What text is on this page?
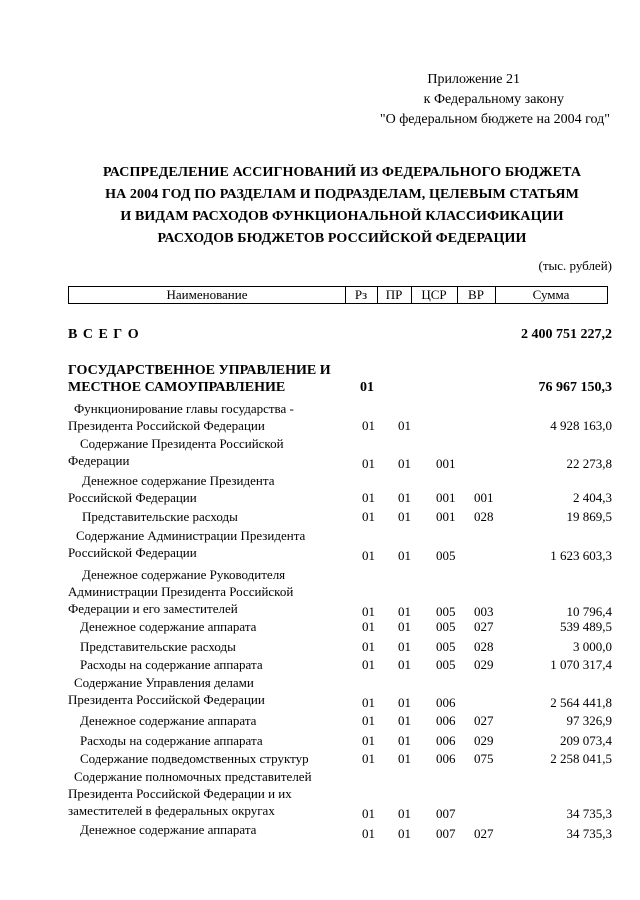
Приложение 21
к Федеральному закону
"О федеральном бюджете на 2004 год"
РАСПРЕДЕЛЕНИЕ АССИГНОВАНИЙ ИЗ ФЕДЕРАЛЬНОГО БЮДЖЕТА
НА 2004 ГОД ПО РАЗДЕЛАМ И ПОДРАЗДЕЛАМ, ЦЕЛЕВЫМ СТАТЬЯМ
И ВИДАМ РАСХОДОВ ФУНКЦИОНАЛЬНОЙ КЛАССИФИКАЦИИ
РАСХОДОВ БЮДЖЕТОВ РОССИЙСКОЙ ФЕДЕРАЦИИ
(тыс. рублей)
Наименование	Рз	ПР	ЦСР	ВР	Сумма
В С Е Г О	2 400 751 227,2
ГОСУДАРСТВЕННОЕ УПРАВЛЕНИЕ И
МЕСТНОЕ САМОУПРАВЛЕНИЕ	01	76 967 150,3
Функционирование главы государства -
Президента Российской Федерации	01 01	4 928 163,0
Содержание Президента Российской
Федерации	01 01 001	22 273,8
Денежное содержание Президента
Российской Федерации	01 01 001 001	2 404,3
Представительские расходы	01 01 001 028	19 869,5
Содержание Администрации Президента
Российской Федерации	01 01 005	1 623 603,3
Денежное содержание Руководителя
Администрации Президента Российской
Федерации и его заместителей	01 01 005 003	10 796,4
Денежное содержание аппарата	01 01 005 027	539 489,5
Представительские расходы	01 01 005 028	3 000,0
Расходы на содержание аппарата	01 01 005 029	1 070 317,4
Содержание Управления делами
Президента Российской Федерации	01 01 006	2 564 441,8
Денежное содержание аппарата	01 01 006 027	97 326,9
Расходы на содержание аппарата	01 01 006 029	209 073,4
Содержание подведомственных структур	01 01 006 075	2 258 041,5
Содержание полномочных представителей
Президента Российской Федерации и их
заместителей в федеральных округах	01 01 007	34 735,3
Денежное содержание аппарата	01 01 007 027	34 735,3
